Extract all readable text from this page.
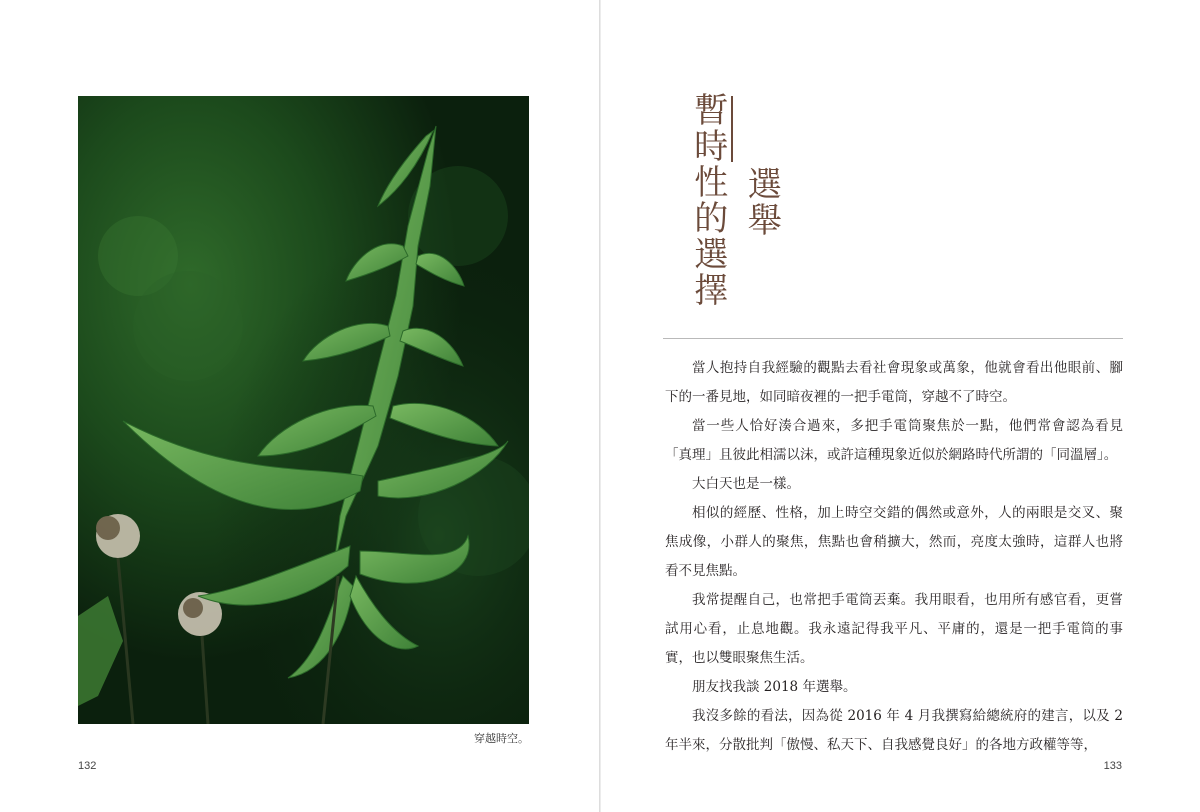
穿越時空。
132
暫時性的選擇 選舉

當人抱持自我經驗的觀點去看社會現象或萬象，他就會看出他眼前、腳下的一番見地，如同暗夜裡的一把手電筒，穿越不了時空。

當一些人恰好湊合過來，多把手電筒聚焦於一點，他們常會認為看見「真理」且彼此相濡以沫，或許這種現象近似於網路時代所謂的「同溫層」。

大白天也是一樣。

相似的經歷、性格，加上時空交錯的偶然或意外，人的兩眼是交叉、聚焦成像，小群人的聚焦，焦點也會稍擴大，然而，亮度太強時，這群人也將看不見焦點。

我常提醒自己，也常把手電筒丟棄。我用眼看，也用所有感官看，更嘗試用心看，止息地觀。我永遠記得我平凡、平庸的，還是一把手電筒的事實，也以雙眼聚焦生活。

朋友找我談 2018 年選舉。

我沒多餘的看法，因為從 2016 年 4 月我撰寫給總統府的建言，以及 2 年半來，分散批判「傲慢、私天下、自我感覺良好」的各地方政權等等，

133
